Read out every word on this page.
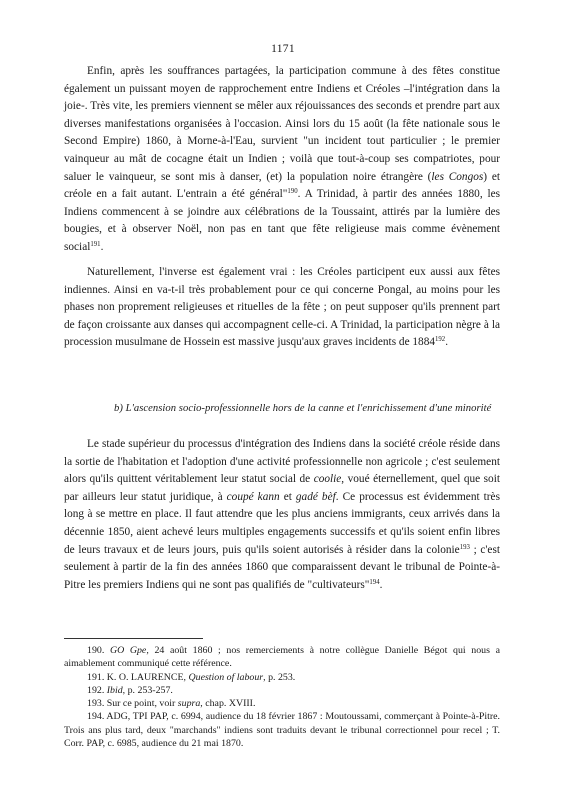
1171

Enfin, après les souffrances partagées, la participation commune à des fêtes constitue également un puissant moyen de rapprochement entre Indiens et Créoles –l'intégration dans la joie-. Très vite, les premiers viennent se mêler aux réjouissances des seconds et prendre part aux diverses manifestations organisées à l'occasion. Ainsi lors du 15 août (la fête nationale sous le Second Empire) 1860, à Morne-à-l'Eau, survient "un incident tout particulier ; le premier vainqueur au mât de cocagne était un Indien ; voilà que tout-à-coup ses compatriotes, pour saluer le vainqueur, se sont mis à danser, (et) la population noire étrangère (les Congos) et créole en a fait autant. L'entrain a été général"$^{190}$. A Trinidad, à partir des années 1880, les Indiens commencent à se joindre aux célébrations de la Toussaint, attirés par la lumière des bougies, et à observer Noël, non pas en tant que fête religieuse mais comme évènement social$^{191}$.

Naturellement, l'inverse est également vrai : les Créoles participent eux aussi aux fêtes indiennes. Ainsi en va-t-il très probablement pour ce qui concerne Pongal, au moins pour les phases non proprement religieuses et rituelles de la fête ; on peut supposer qu'ils prennent part de façon croissante aux danses qui accompagnent celle-ci. A Trinidad, la participation nègre à la procession musulmane de Hossein est massive jusqu'aux graves incidents de 1884$^{192}$.

b) L'ascension socio-professionnelle hors de la canne et l'enrichissement d'une minorité

Le stade supérieur du processus d'intégration des Indiens dans la société créole réside dans la sortie de l'habitation et l'adoption d'une activité professionnelle non agricole ; c'est seulement alors qu'ils quittent véritablement leur statut social de coolie, voué éternellement, quel que soit par ailleurs leur statut juridique, à coupé kann et gadé bèf. Ce processus est évidemment très long à se mettre en place. Il faut attendre que les plus anciens immigrants, ceux arrivés dans la décennie 1850, aient achevé leurs multiples engagements successifs et qu'ils soient enfin libres de leurs travaux et de leurs jours, puis qu'ils soient autorisés à résider dans la colonie$^{193}$ ; c'est seulement à partir de la fin des années 1860 que comparaissent devant le tribunal de Pointe-à-Pitre les premiers Indiens qui ne sont pas qualifiés de "cultivateurs"$^{194}$.

190. GO Gpe, 24 août 1860 ; nos remerciements à notre collègue Danielle Bégot qui nous a aimablement communiqué cette référence.

191. K. O. LAURENCE, Question of labour, p. 253.

192. Ibid, p. 253-257.

193. Sur ce point, voir supra, chap. XVIII.

194. ADG, TPI PAP, c. 6994, audience du 18 février 1867 : Moutoussami, commerçant à Pointe-à-Pitre. Trois ans plus tard, deux "marchands" indiens sont traduits devant le tribunal correctionnel pour recel ; T. Corr. PAP, c. 6985, audience du 21 mai 1870.
